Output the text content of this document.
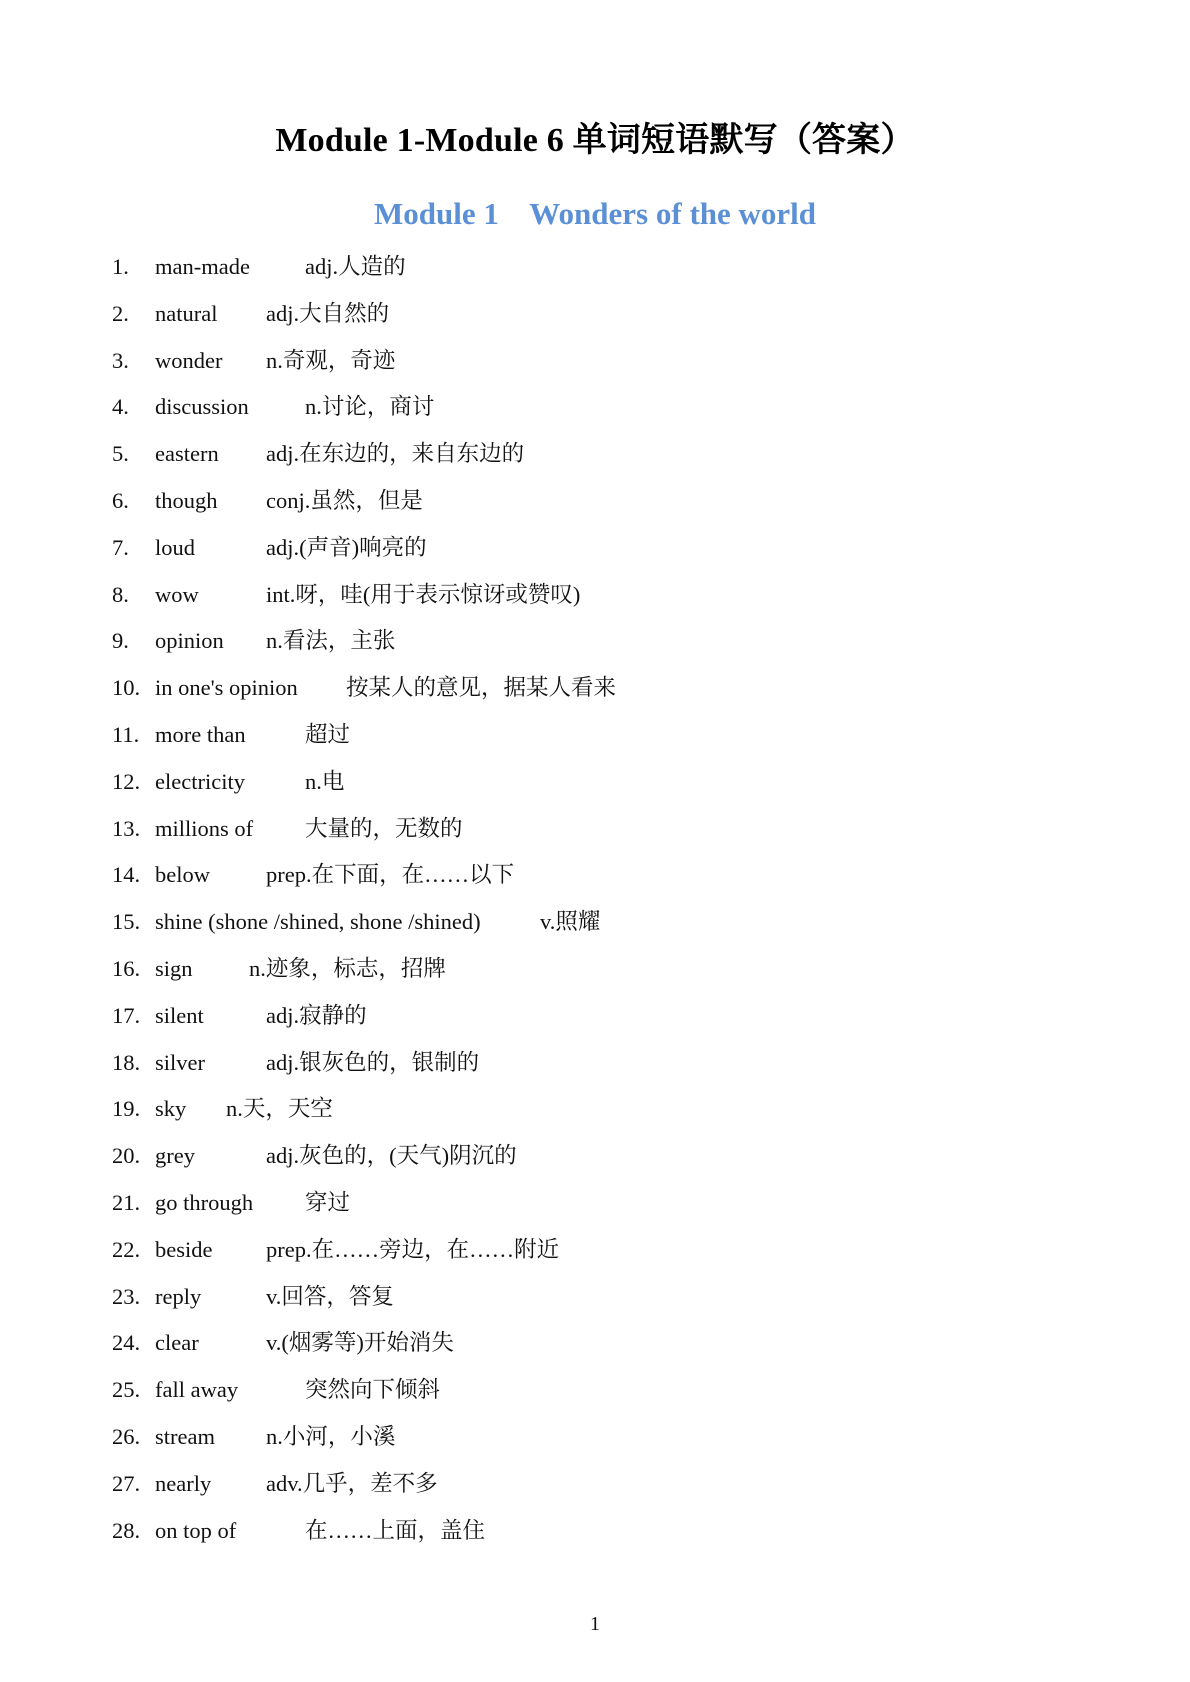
Module 1-Module 6 单词短语默写（答案）
Module 1    Wonders of the world
1. man-made adj.人造的
2. natural adj.大自然的
3. wonder n.奇观，奇迹
4. discussion n.讨论，商讨
5. eastern adj.在东边的，来自东边的
6. though conj.虽然，但是
7. loud	adj.(声音)响亮的
8. wow	int.呀，哇(用于表示惊讶或赞叹)
9. opinion n.看法，主张
10. in one's opinion 按某人的意见，据某人看来
11. more than	超过
12. electricity	n.电
13. millions of 大量的，无数的
14. below prep.在下面，在……以下
15. shine (shone /shined, shone /shined)	v.照耀
16. sign	n.迹象，标志，招牌
17. silent	adj.寂静的
18. silver	adj.银灰色的，银制的
19. sky n.天，天空
20. grey	adj.灰色的，(天气)阴沉的
21. go through 穿过
22. beside prep.在……旁边，在……附近
23. reply	v.回答，答复
24. clear	v.(烟雾等)开始消失
25. fall away	突然向下倾斜
26. stream n.小河，小溪
27. nearly adv.几乎，差不多
28. on top of	在……上面，盖住
1
